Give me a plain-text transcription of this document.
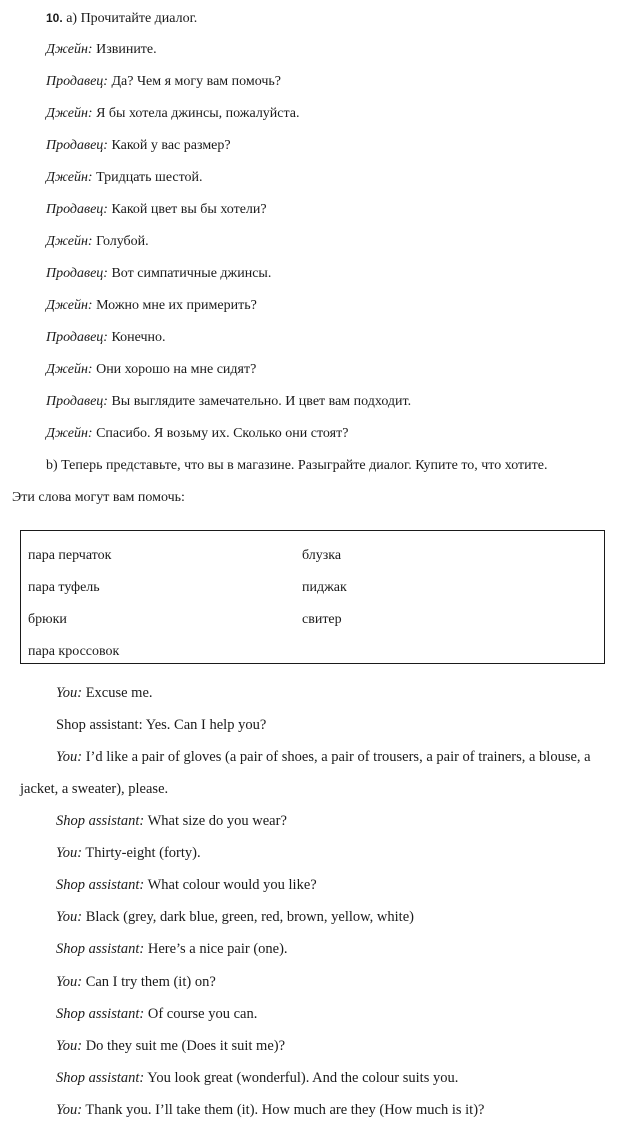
10. a) Прочитайте диалог.
Джейн: Извините.
Продавец: Да? Чем я могу вам помочь?
Джейн: Я бы хотела джинсы, пожалуйста.
Продавец: Какой у вас размер?
Джейн: Тридцать шестой.
Продавец: Какой цвет вы бы хотели?
Джейн: Голубой.
Продавец: Вот симпатичные джинсы.
Джейн: Можно мне их примерить?
Продавец: Конечно.
Джейн: Они хорошо на мне сидят?
Продавец: Вы выглядите замечательно. И цвет вам подходит.
Джейн: Спасибо. Я возьму их. Сколько они стоят?
b) Теперь представьте, что вы в магазине. Разыграйте диалог. Купите то, что хотите.
Эти слова могут вам помочь:
пара перчаток
пара туфель
брюки
пара кроссовок
блузка
пиджак
свитер
You: Excuse me.
Shop assistant: Yes. Can I help you?
You: I’d like a pair of gloves (a pair of shoes, a pair of trousers, a pair of trainers, a blouse, a
jacket, a sweater), please.
Shop assistant: What size do you wear?
You: Thirty-eight (forty).
Shop assistant: What colour would you like?
You: Black (grey, dark blue, green, red, brown, yellow, white)
Shop assistant: Here’s a nice pair (one).
You: Can I try them (it) on?
Shop assistant: Of course you can.
You: Do they suit me (Does it suit me)?
Shop assistant: You look great (wonderful). And the colour suits you.
You: Thank you. I’ll take them (it). How much are they (How much is it)?
